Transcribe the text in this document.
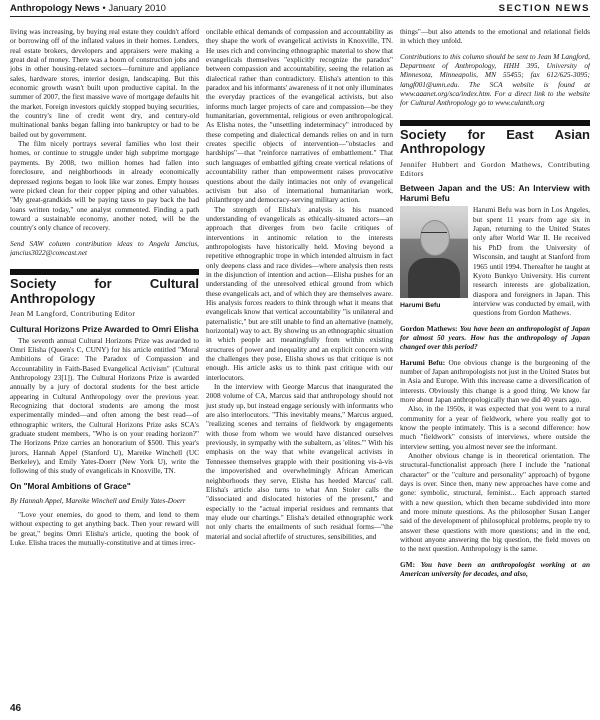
Anthropology News • January 2010	SECTION NEWS

living was increasing, by buying real estate they couldn't afford or borrowing off of the inflated values in their homes. Lenders, real estate brokers, developers and appraisers were making a great deal of money. There was a boom of construction jobs and jobs in other housing-related sectors—furniture and appliance sales, hardware stores, interior design, landscaping. But this economic growth wasn't built upon productive capital. In the summer of 2007, the first massive wave of mortgage defaults hit the market. Foreign investors quickly stopped buying securities, the country's line of credit went dry, and century-old multinational banks began falling into bankruptcy or had to be bailed out by government.

The film nicely portrays several families who lost their homes, or continue to struggle under high subprime mortgage payments. By 2008, two million homes had fallen into foreclosure, and neighborhoods in already economically depressed regions began to look like war zones. Empty houses were picked clean for their copper piping and other valuables. "My great-grandkids will be paying taxes to pay back the bad loans written today," one analyst commented. Finding a path toward a sustainable economy, another noted, will be the country's only chance of recovery.

Send SAW column contribution ideas to Angela Jancius, jancius3022@comcast.net

Society for Cultural Anthropology
Jean M Langford, Contributing Editor
Cultural Horizons Prize Awarded to Omri Elisha

The seventh annual Cultural Horizons Prize was awarded to Omri Elisha (Queen's C, CUNY) for his article entitled "Moral Ambitions of Grace: The Paradox of Compassion and Accountability in Faith-Based Evangelical Activism" (Cultural Anthropology 23[1]). The Cultural Horizons Prize is awarded annually by a jury of doctoral students for the best article appearing in Cultural Anthropology over the previous year. Recognizing that doctoral students are among the most experimentally minded—and often among the best read—of ethnographic writers, the Cultural Horizons Prize asks SCA's graduate student members, "Who is on your reading horizon?" The Horizons Prize carries an honorarium of $500. This year's jurors, Hannah Appel (Stanford U), Mareike Winchell (UC Berkeley), and Emily Yates-Doerr (New York U), write the following of this study of evangelicals in Knoxville, TN.

On "Moral Ambitions of Grace"

By Hannah Appel, Mareike Winchell and Emily Yates-Doerr

"Love your enemies, do good to them, and lend to them without expecting to get anything back. Then your reward will be great," begins Omri Elisha's article, quoting the book of Luke. Elisha traces the mutually-constitutive and at times irrec-

oncilable ethical demands of compassion and accountability as they shape the work of evangelical activists in Knoxville, TN. He uses rich and convincing ethnographic material to show that evangelicals themselves "explicitly recognize the paradox" between compassion and accountability, seeing the relation as dialectical rather than contradictory. Elisha's attention to this paradox and his informants' awareness of it not only illuminates the everyday practices of the evangelical activists, but also informs much larger projects of care and compassion—be they humanitarian, governmental, religious or even anthropological. As Elisha notes, the "unsettling indeterminacy" introduced by these competing and dialectical demands relies on and in turn creates specific objects of intervention—"obstacles and hardships"—that "reinforce narratives of embattlement." That such languages of embattled gifting create vertical relations of accountability rather than empowerment raises provocative questions about the daily intimacies not only of evangelical activism but also of international humanitarian work, philanthropy and democracy-serving military action.

The strength of Elisha's analysis is his nuanced understanding of evangelicals as ethically-situated actors—an approach that diverges from two facile critiques of interventions in antinomic relation to the interests anthropologists have historically held. Moving beyond a repetitive ethnographic trope in which intended altruism in fact only deepens class and race divides—where analysis then rests in the disjunction of intention and action—Elisha pushes for an understanding of the unresolved ethical ground from which these evangelicals act, and of which they are themselves aware. His analysis forces readers to think through what it means that evangelicals know that vertical accountability "is unilateral and paternalistic," but are still unable to find an alternative (namely, horizontal) way to act. By showing us an ethnographic situation in which people act meaningfully from within existing structures of power and inequality and an explicit concern with the challenges they pose, Elisha shows us that critique is not enough. His article asks us to think past critique with our interlocutors.

In the interview with George Marcus that inaugurated the 2008 volume of CA, Marcus said that anthropology should not just study up, but instead engage seriously with informants who are also interlocutors. "This inevitably means," Marcus argued, "realizing scenes and terrains of fieldwork by engagements with those from whom we would have distanced ourselves previously, in sympathy with the subaltern, as 'elites.'" With his emphasis on the way that white evangelical activists in Tennessee themselves grapple with their positioning vis-à-vis the impoverished and overwhelmingly African American neighborhoods they serve, Elisha has heeded Marcus' call. Elisha's article also turns to what Ann Stoler calls the "dissociated and dislocated histories of the present," and especially to the "actual imperial residues and remnants that may elude our chartings." Elisha's detailed ethnographic work not only charts the entailments of such residual forms—"the material and social afterlife of structures, sensibilities, and

things"—but also attends to the emotional and relational fields in which they unfold.

Contributions to this column should be sent to Jean M Langford, Department of Anthropology, HHH 395, University of Minnesota, Minneapolis, MN 55455; fax 612/625-3095; langf001@umn.edu. The SCA website is found at www.aaanet.org/sca/index.htm. For a direct link to the website for Cultural Anthropology go to www.culanth.org

Society for East Asian Anthropology
Jennifer Hubbert and Gordon Mathews, Contributing Editors
Between Japan and the US: An Interview with Harumi Befu
Harumi Befu

Harumi Befu was born in Los Angeles, but spent 11 years from age six in Japan, returning to the United States only after World War II. He received his PhD from the University of Wisconsin, and taught at Stanford from 1965 until 1994. Thereafter he taught at Kyoto Bunkyo University. His current research interests are globalization, diaspora and foreigners in Japan. This interview was conducted by email, with questions from Gordon Mathews.

Gordon Mathews: You have been an anthropologist of Japan for almost 50 years. How has the anthropology of Japan changed over this period?

Harumi Befu: One obvious change is the burgeoning of the number of Japan anthropologists not just in the United States but in Asia and Europe. With this increase came a diversification of interests. Obviously this change is a good thing. We know far more about Japan anthropologically than we did 40 years ago.

Also, in the 1950s, it was expected that you went to a rural community for a year of fieldwork, where you really got to know the people intimately. This is a second difference: how much "fieldwork" consists of interviews, where outside the interview setting, you almost never see the informant.

Another obvious change is in theoretical orientation. The structural-functionalist approach (here I include the "national character" or the "culture and personality" approach) of bygone days is over. Since then, many new approaches have come and gone: symbolic, structural, feminist... Each approach started with a new question, which then became subdivided into more and more minute questions. As the philosopher Susan Langer said of the development of philosophical problems, people try to answer these questions with more questions; and in the end, without anyone answering the big question, the field moves on to the next question. Anthropology is the same.

GM: You have been an anthropologist working at an American university for decades, and also,

46
